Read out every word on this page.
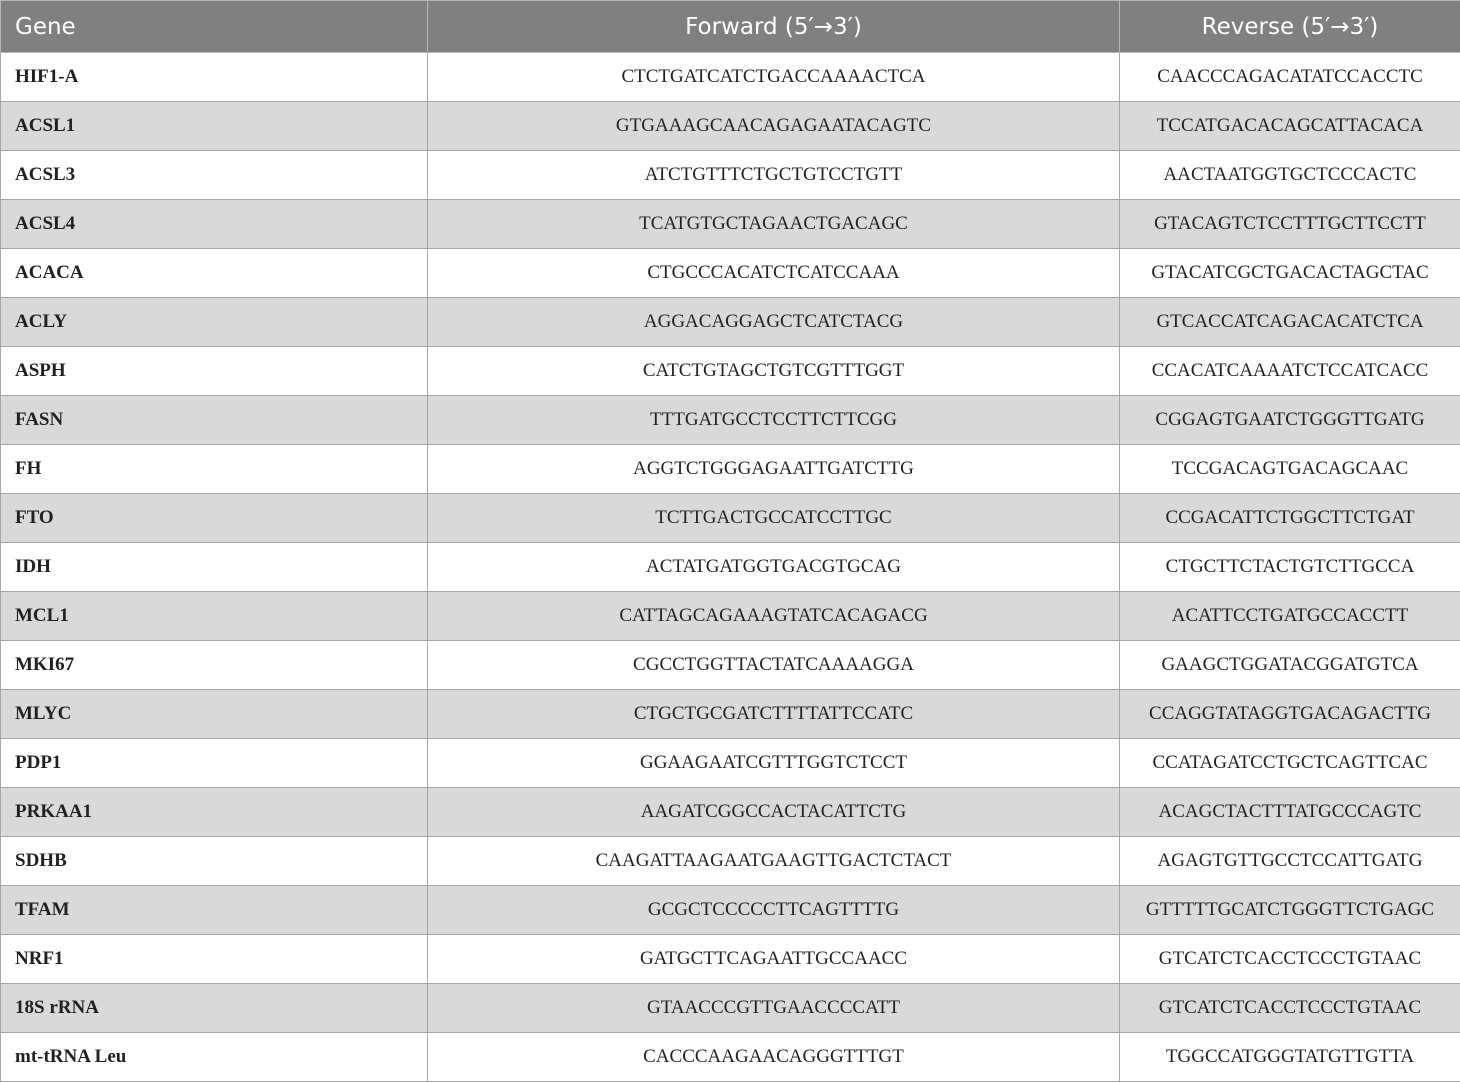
Gene	Forward (5′→3′)	Reverse (5′→3′)
HIF1-A	CTCTGATCATCTGACCAAAACTCA	CAACCCAGACATATCCACCTC
ACSL1	GTGAAAGCAACAGAGAATACAGTC	TCCATGACACAGCATTACACA
ACSL3	ATCTGTTTCTGCTGTCCTGTT	AACTAATGGTGCTCCCACTC
ACSL4	TCATGTGCTAGAACTGACAGC	GTACAGTCTCCTTTGCTTCCTT
ACACA	CTGCCCACATCTCATCCAAA	GTACATCGCTGACACTAGCTAC
ACLY	AGGACAGGAGCTCATCTACG	GTCACCATCAGACACATCTCA
ASPH	CATCTGTAGCTGTCGTTTGGT	CCACATCAAAATCTCCATCACC
FASN	TTTGATGCCTCCTTCTTCGG	CGGAGTGAATCTGGGTTGATG
FH	AGGTCTGGGAGAATTGATCTTG	TCCGACAGTGACAGCAAC
FTO	TCTTGACTGCCATCCTTGC	CCGACATTCTGGCTTCTGAT
IDH	ACTATGATGGTGACGTGCAG	CTGCTTCTACTGTCTTGCCA
MCL1	CATTAGCAGAAAGTATCACAGACG	ACATTCCTGATGCCACCTT
MKI67	CGCCTGGTTACTATCAAAAGGA	GAAGCTGGATACGGATGTCA
MLYC	CTGCTGCGATCTTTTATTCCATC	CCAGGTATAGGTGACAGACTTG
PDP1	GGAAGAATCGTTTGGTCTCCT	CCATAGATCCTGCTCAGTTCAC
PRKAA1	AAGATCGGCCACTACATTCTG	ACAGCTACTTTATGCCCAGTC
SDHB	CAAGATTAAGAATGAAGTTGACTCTACT	AGAGTGTTGCCTCCATTGATG
TFAM	GCGCTCCCCCTTCAGTTTTG	GTTTTTGCATCTGGGTTCTGAGC
NRF1	GATGCTTCAGAATTGCCAACC	GTCATCTCACCTCCCTGTAAC
18S rRNA	GTAACCCGTTGAACCCCATT	GTCATCTCACCTCCCTGTAAC
mt-tRNA Leu	CACCCAAGAACAGGGTTTGT	TGGCCATGGGTATGTTGTTA
